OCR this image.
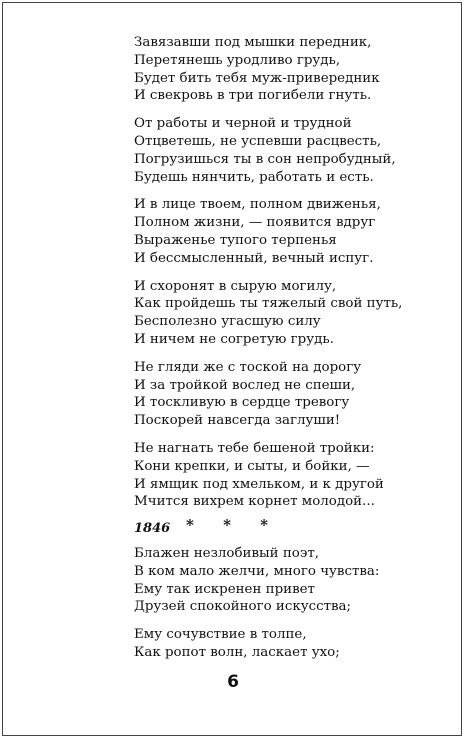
Завязавши под мышки передник,
Перетянешь уродливо грудь,
Будет бить тебя муж-привередник
И свекровь в три погибели гнуть.
От работы и черной и трудной
Отцветешь, не успевши расцвесть,
Погрузишься ты в сон непробудный,
Будешь нянчить, работать и есть.
И в лице твоем, полном движенья,
Полном жизни, — появится вдруг
Выраженье тупого терпенья
И бессмысленный, вечный испуг.
И схоронят в сырую могилу,
Как пройдешь ты тяжелый свой путь,
Бесполезно угасшую силу
И ничем не согретую грудь.
Не гляди же с тоской на дорогу
И за тройкой вослед не спеши,
И тоскливую в сердце тревогу
Поскорей навсегда заглуши!
Не нагнать тебе бешеной тройки:
Кони крепки, и сыты, и бойки, —
И ямщик под хмельком, и к другой
Мчится вихрем корнет молодой...
1846	* * *
Блажен незлобивый поэт,
В ком мало желчи, много чувства:
Ему так искренен привет
Друзей спокойного искусства;
Ему сочувствие в толпе,
Как ропот волн, ласкает ухо;
6
